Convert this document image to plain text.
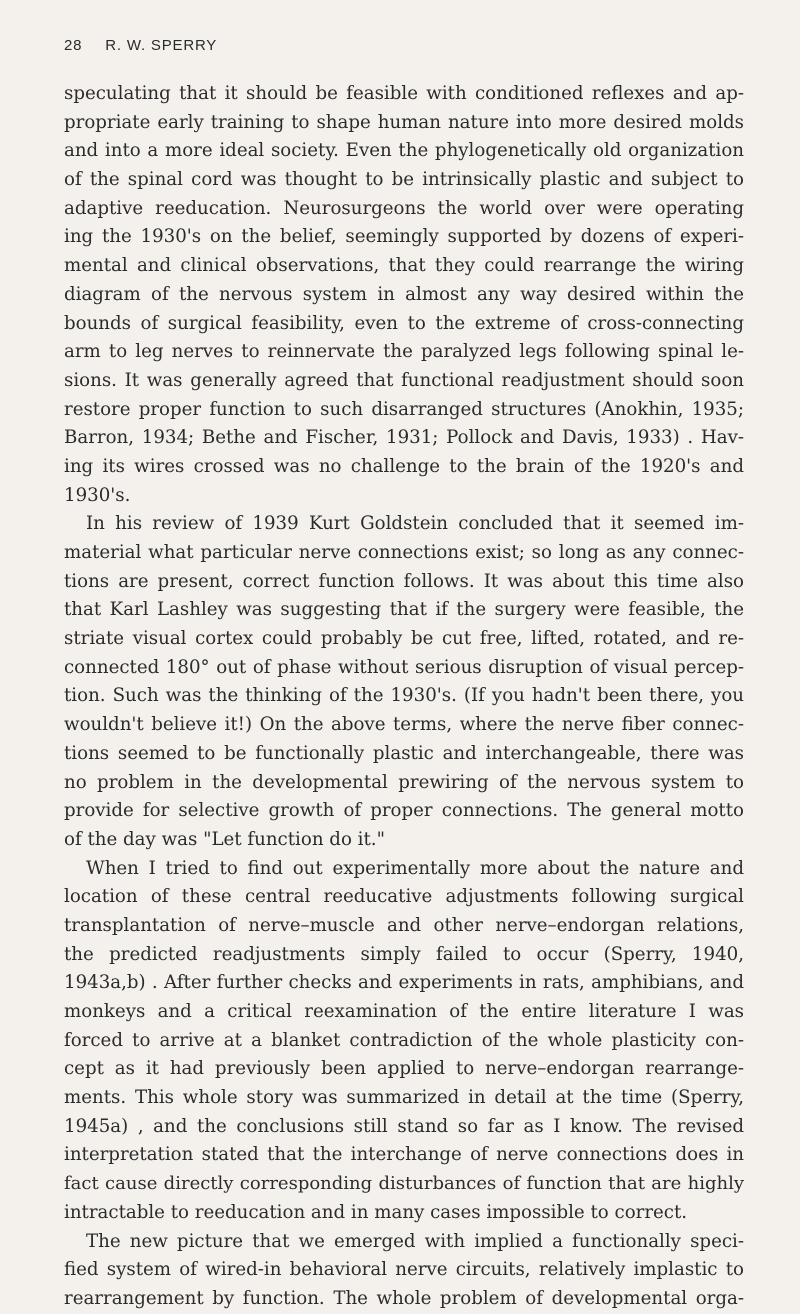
28 R. W. SPERRY
speculating that it should be feasible with conditioned reflexes and ap-
propriate early training to shape human nature into more desired molds
and into a more ideal society. Even the phylogenetically old organization
of the spinal cord was thought to be intrinsically plastic and subject to
adaptive reeducation. Neurosurgeons the world over were operating
ing the 1930's on the belief, seemingly supported by dozens of experi-
mental and clinical observations, that they could rearrange the wiring
diagram of the nervous system in almost any way desired within the
bounds of surgical feasibility, even to the extreme of cross-connecting
arm to leg nerves to reinnervate the paralyzed legs following spinal le-
sions. It was generally agreed that functional readjustment should soon
restore proper function to such disarranged structures (Anokhin, 1935;
Barron, 1934; Bethe and Fischer, 1931; Pollock and Davis, 1933) . Hav-
ing its wires crossed was no challenge to the brain of the 1920's and
1930's.
In his review of 1939 Kurt Goldstein concluded that it seemed im-
material what particular nerve connections exist; so long as any connec-
tions are present, correct function follows. It was about this time also
that Karl Lashley was suggesting that if the surgery were feasible, the
striate visual cortex could probably be cut free, lifted, rotated, and re-
connected 180° out of phase without serious disruption of visual percep-
tion. Such was the thinking of the 1930's. (If you hadn't been there, you
wouldn't believe it!) On the above terms, where the nerve fiber connec-
tions seemed to be functionally plastic and interchangeable, there was
no problem in the developmental prewiring of the nervous system to
provide for selective growth of proper connections. The general motto
of the day was "Let function do it."
When I tried to find out experimentally more about the nature and
location of these central reeducative adjustments following surgical
transplantation of nerve–muscle and other nerve–endorgan relations,
the predicted readjustments simply failed to occur (Sperry, 1940,
1943a,b) . After further checks and experiments in rats, amphibians, and
monkeys and a critical reexamination of the entire literature I was
forced to arrive at a blanket contradiction of the whole plasticity con-
cept as it had previously been applied to nerve–endorgan rearrange-
ments. This whole story was summarized in detail at the time (Sperry,
1945a) , and the conclusions still stand so far as I know. The revised
interpretation stated that the interchange of nerve connections does in
fact cause directly corresponding disturbances of function that are highly
intractable to reeducation and in many cases impossible to correct.
The new picture that we emerged with implied a functionally speci-
fied system of wired-in behavioral nerve circuits, relatively implastic to
rearrangement by function. The whole problem of developmental orga-
